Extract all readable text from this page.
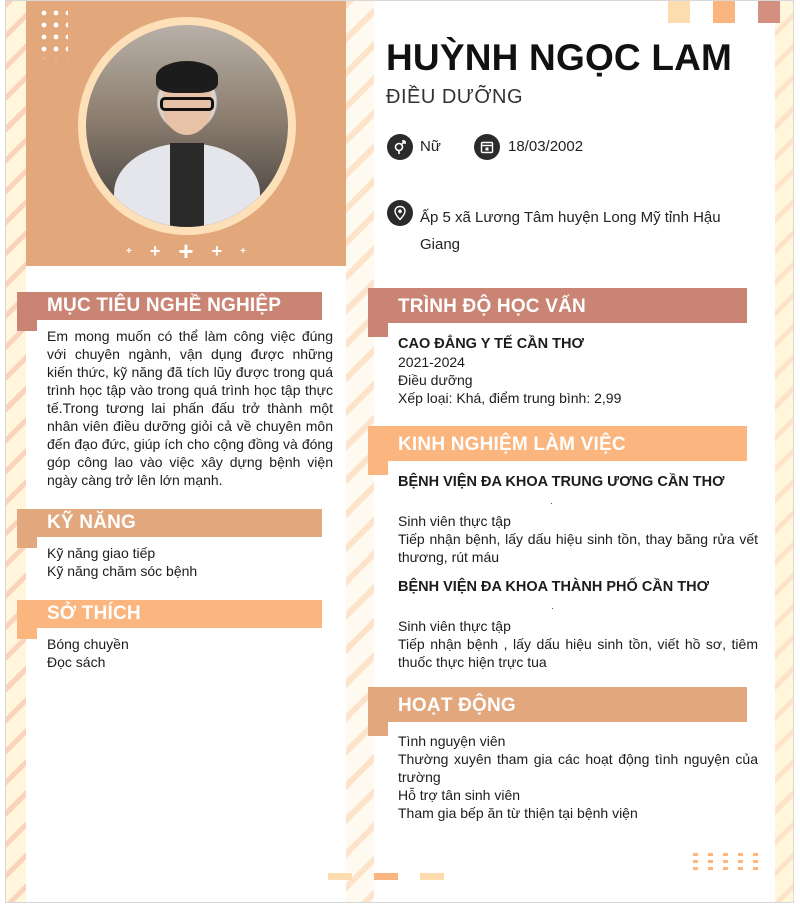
+ + + + +
HUỲNH NGỌC LAM
ĐIỀU DƯỠNG
Nữ	18/03/2002
Ấp 5 xã Lương Tâm huyện Long Mỹ tỉnh Hậu
Giang
MỤC TIÊU NGHỀ NGHIỆP
Em mong muốn có thể làm công việc đúng với chuyên ngành, vận dụng được những kiến thức, kỹ năng đã tích lũy được trong quá trình học tập vào trong quá trình học tập thực tế.Trong tương lai phấn đấu trở thành một nhân viên điều dưỡng giỏi cả về chuyên môn đến đạo đức, giúp ích cho cộng đồng và đóng góp công lao vào việc xây dựng bệnh viện ngày càng trở lên lớn mạnh.
KỸ NĂNG
Kỹ năng giao tiếp
Kỹ năng chăm sóc bệnh
SỞ THÍCH
Bóng chuyền
Đọc sách
TRÌNH ĐỘ HỌC VẤN
CAO ĐẲNG Y TẾ CẦN THƠ
2021-2024
Điều dưỡng
Xếp loại: Khá, điểm trung bình: 2,99
KINH NGHIỆM LÀM VIỆC
BỆNH VIỆN ĐA KHOA TRUNG ƯƠNG CẦN THƠ
Sinh viên thực tập
Tiếp nhận bệnh, lấy dấu hiệu sinh tồn, thay băng rửa vết thương, rút máu
BỆNH VIỆN ĐA KHOA THÀNH PHỐ CẦN THƠ
Sinh viên thực tập
Tiếp nhận bệnh , lấy dấu hiệu sinh tồn, viết hồ sơ, tiêm thuốc thực hiện trực tua
HOẠT ĐỘNG
Tình nguyện viên
Thường xuyên tham gia các hoạt động tình nguyện của trường
Hỗ trợ tân sinh viên
Tham gia bếp ăn từ thiện tại bệnh viện
